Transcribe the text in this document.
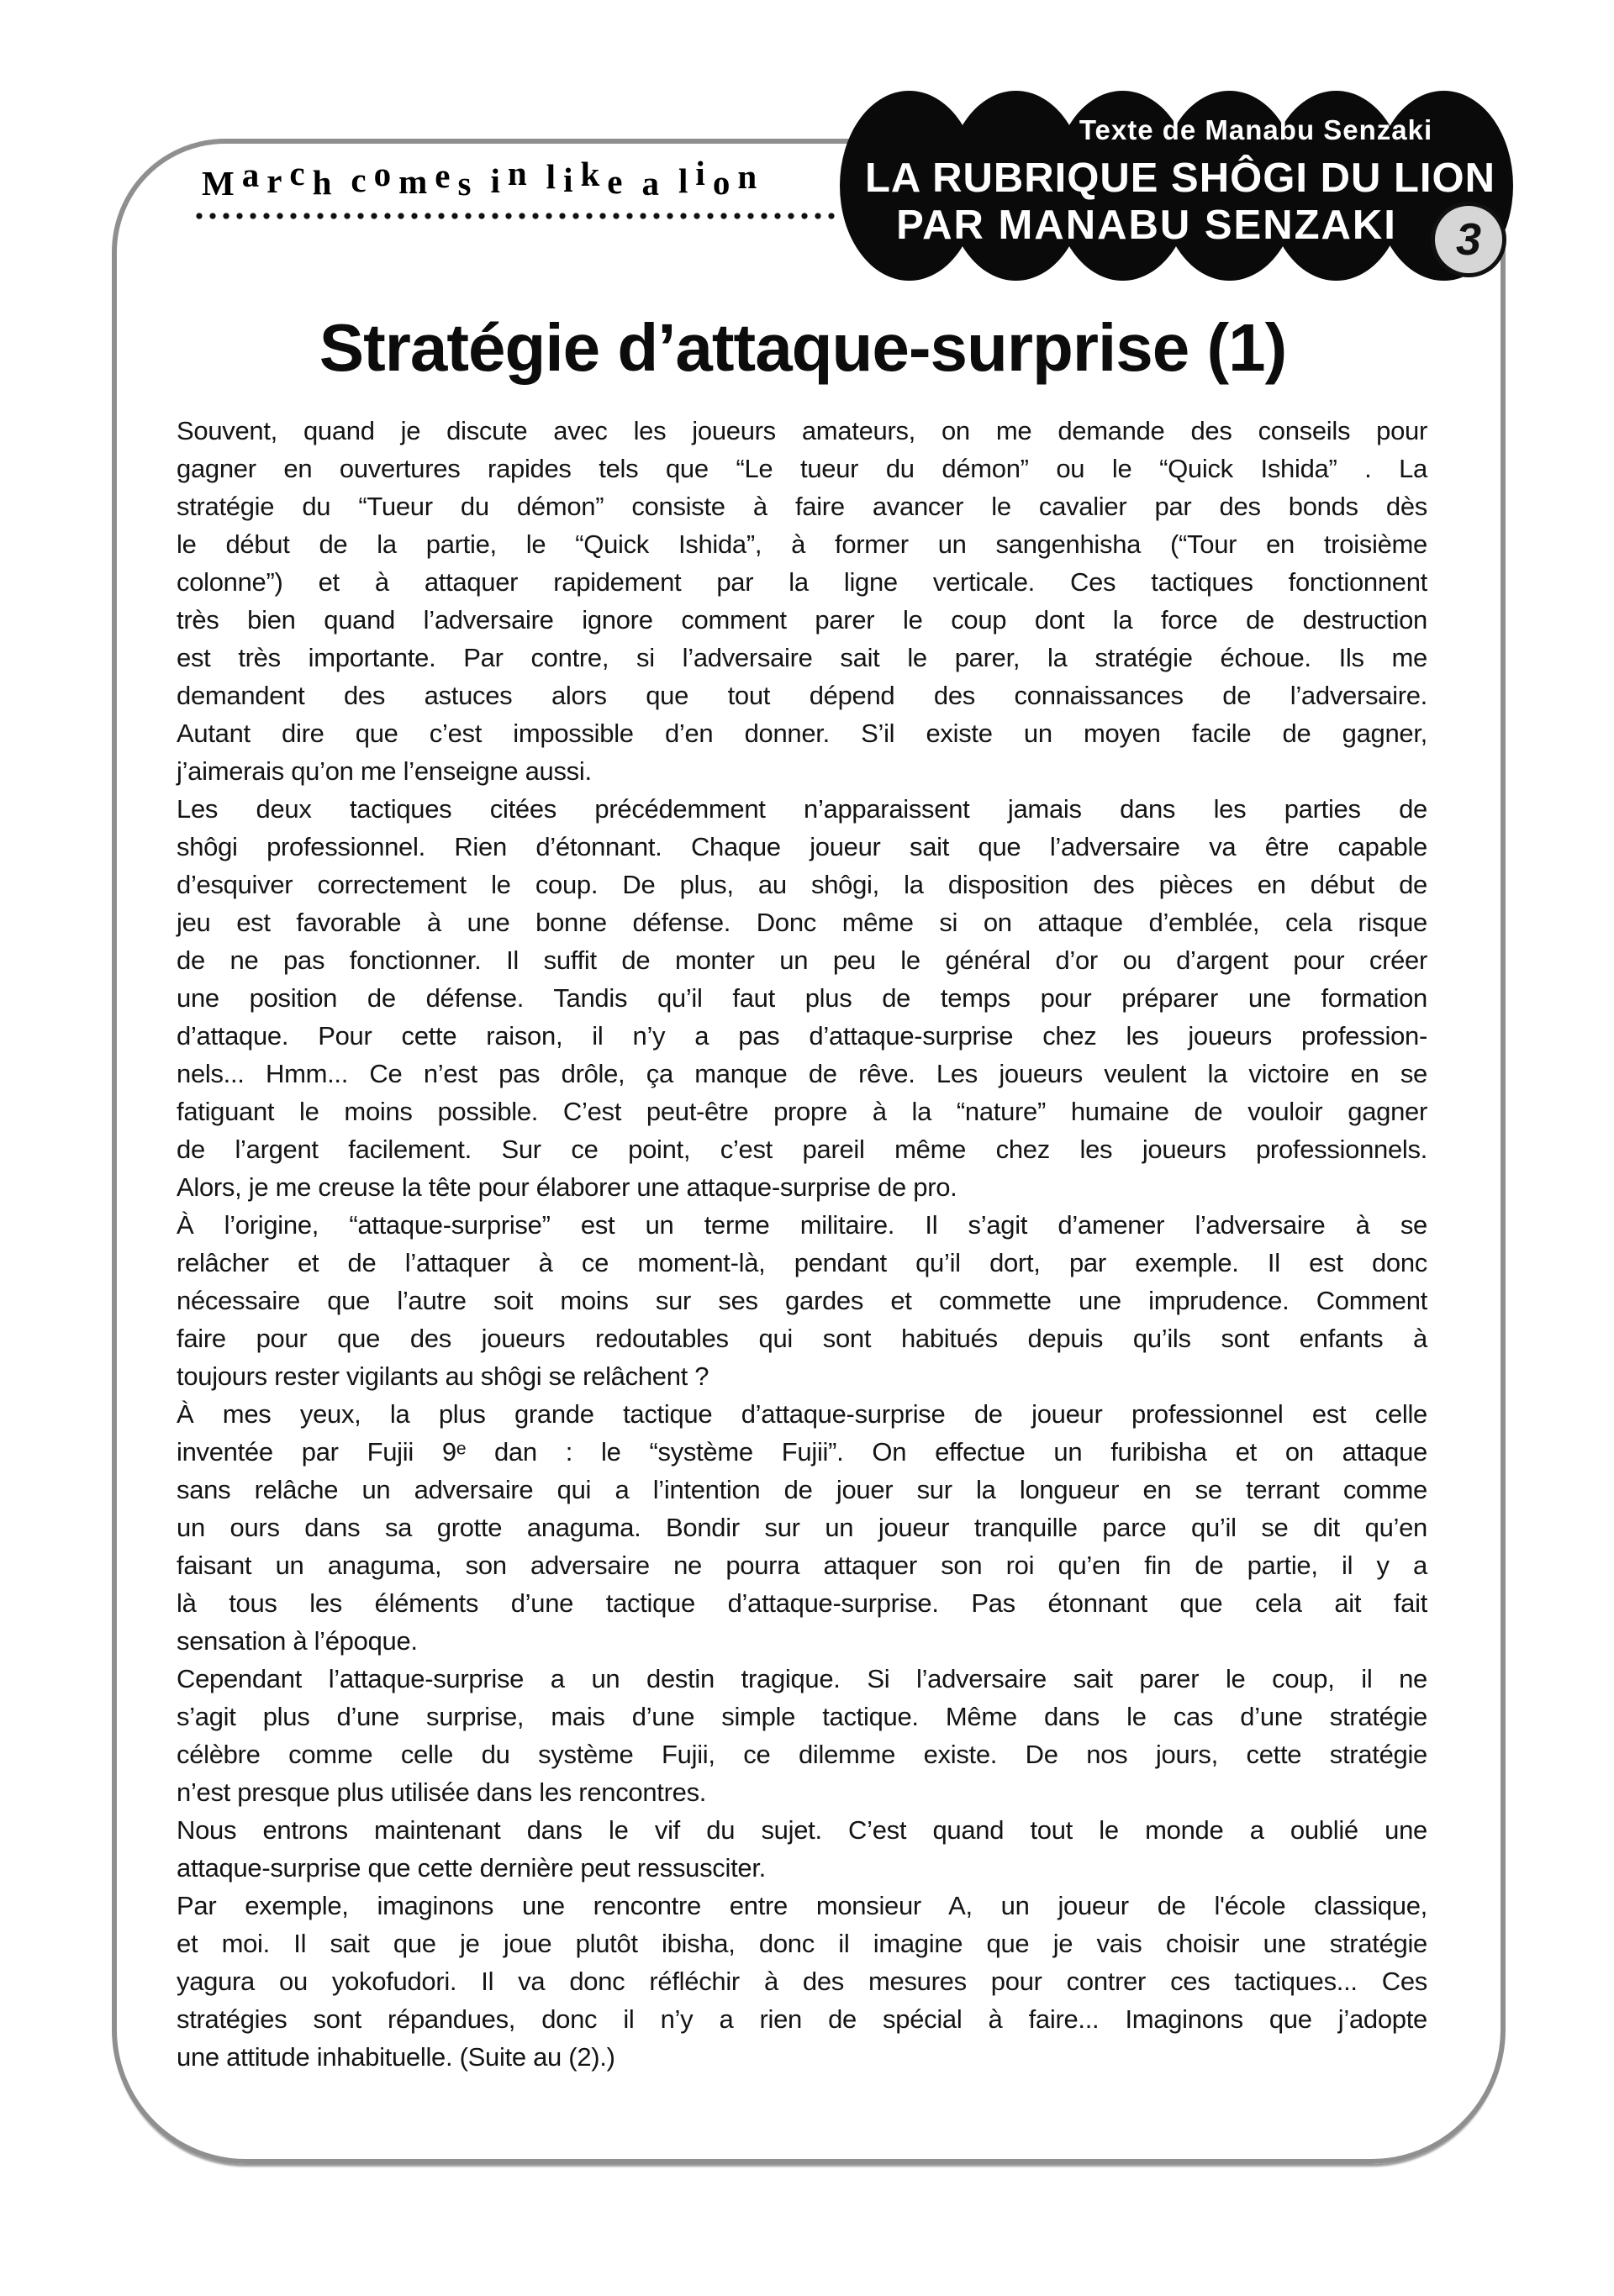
March comes in like a lion
Texte de Manabu Senzaki
LA RUBRIQUE SHÔGI DU LION
PAR MANABU SENZAKI	3
Stratégie d’attaque-surprise (1)
Souvent, quand je discute avec les joueurs amateurs, on me demande des conseils pour
gagner en ouvertures rapides tels que “Le tueur du démon” ou le “Quick Ishida” . La
stratégie du “Tueur du démon” consiste à faire avancer le cavalier par des bonds dès
le début de la partie, le “Quick Ishida”, à former un sangenhisha (“Tour en troisième
colonne”) et à attaquer rapidement par la ligne verticale. Ces tactiques fonctionnent
très bien quand l’adversaire ignore comment parer le coup dont la force de destruction
est très importante. Par contre, si l’adversaire sait le parer, la stratégie échoue. Ils me
demandent des astuces alors que tout dépend des connaissances de l’adversaire.
Autant dire que c’est impossible d’en donner. S’il existe un moyen facile de gagner,
j’aimerais qu’on me l’enseigne aussi.
Les deux tactiques citées précédemment n’apparaissent jamais dans les parties de
shôgi professionnel. Rien d’étonnant. Chaque joueur sait que l’adversaire va être capable
d’esquiver correctement le coup. De plus, au shôgi, la disposition des pièces en début de
jeu est favorable à une bonne défense. Donc même si on attaque d’emblée, cela risque
de ne pas fonctionner. Il suffit de monter un peu le général d’or ou d’argent pour créer
une position de défense. Tandis qu’il faut plus de temps pour préparer une formation
d’attaque. Pour cette raison, il n’y a pas d’attaque-surprise chez les joueurs profession-
nels... Hmm... Ce n’est pas drôle, ça manque de rêve. Les joueurs veulent la victoire en se
fatiguant le moins possible. C’est peut-être propre à la “nature” humaine de vouloir gagner
de l’argent facilement. Sur ce point, c’est pareil même chez les joueurs professionnels.
Alors, je me creuse la tête pour élaborer une attaque-surprise de pro.
À l’origine, “attaque-surprise” est un terme militaire. Il s’agit d’amener l’adversaire à se
relâcher et de l’attaquer à ce moment-là, pendant qu’il dort, par exemple. Il est donc
nécessaire que l’autre soit moins sur ses gardes et commette une imprudence. Comment
faire pour que des joueurs redoutables qui sont habitués depuis qu’ils sont enfants à
toujours rester vigilants au shôgi se relâchent ?
À mes yeux, la plus grande tactique d’attaque-surprise de joueur professionnel est celle
inventée par Fujii 9ᵉ dan : le “système Fujii”. On effectue un furibisha et on attaque
sans relâche un adversaire qui a l’intention de jouer sur la longueur en se terrant comme
un ours dans sa grotte anaguma. Bondir sur un joueur tranquille parce qu’il se dit qu’en
faisant un anaguma, son adversaire ne pourra attaquer son roi qu’en fin de partie, il y a
là tous les éléments d’une tactique d’attaque-surprise. Pas étonnant que cela ait fait
sensation à l’époque.
Cependant l’attaque-surprise a un destin tragique. Si l’adversaire sait parer le coup, il ne
s’agit plus d’une surprise, mais d’une simple tactique. Même dans le cas d’une stratégie
célèbre comme celle du système Fujii, ce dilemme existe. De nos jours, cette stratégie
n’est presque plus utilisée dans les rencontres.
Nous entrons maintenant dans le vif du sujet. C’est quand tout le monde a oublié une
attaque-surprise que cette dernière peut ressusciter.
Par exemple, imaginons une rencontre entre monsieur A, un joueur de l'école classique,
et moi. Il sait que je joue plutôt ibisha, donc il imagine que je vais choisir une stratégie
yagura ou yokofudori. Il va donc réfléchir à des mesures pour contrer ces tactiques... Ces
stratégies sont répandues, donc il n’y a rien de spécial à faire... Imaginons que j’adopte
une attitude inhabituelle. (Suite au (2).)
